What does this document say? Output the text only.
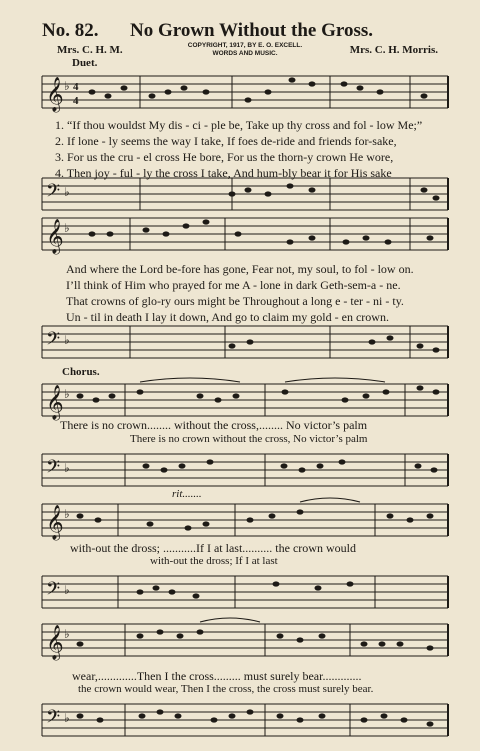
No. 82. No Grown Without the Gross.
Mrs. C. H. M.	COPYRIGHT, 1917, BY E. O. EXCELL.
WORDS AND MUSIC.	Mrs. C. H. Morris.
Duet.
𝄞 ♭ 4
4
1. “If thou wouldst My dis - ci - ple be, Take up thy cross and fol - low Me;”
2. If lone - ly seems the way I take, If foes de-ride and friends for-sake,
3. For us the cru - el cross He bore, For us the thorn-y crown He wore,
4. Then joy - ful - ly the cross I take, And hum-bly bear it for His sake
𝄢 ♭
𝄞 ♭
And where the Lord be-fore has gone, Fear not, my soul, to fol - low on.
I’ll think of Him who prayed for me A - lone in dark Geth-sem-a - ne.
That crowns of glo-ry ours might be Throughout a long e - ter - ni - ty.
Un - til in death I lay it down, And go to claim my gold - en crown.
𝄢 ♭
Chorus.
𝄞 ♭
There is no crown........ without the cross,........ No victor’s palm
There is no crown without the cross, No victor’s palm
𝄢 ♭
rit.......
𝄞 ♭
with-out the dross; ...........If I at last.......... the crown would
with-out the dross; If I at last
𝄢 ♭
𝄞 ♭
wear,.............Then I the cross......... must surely bear.............
the crown would wear, Then I the cross, the cross must surely bear.
𝄢 ♭
